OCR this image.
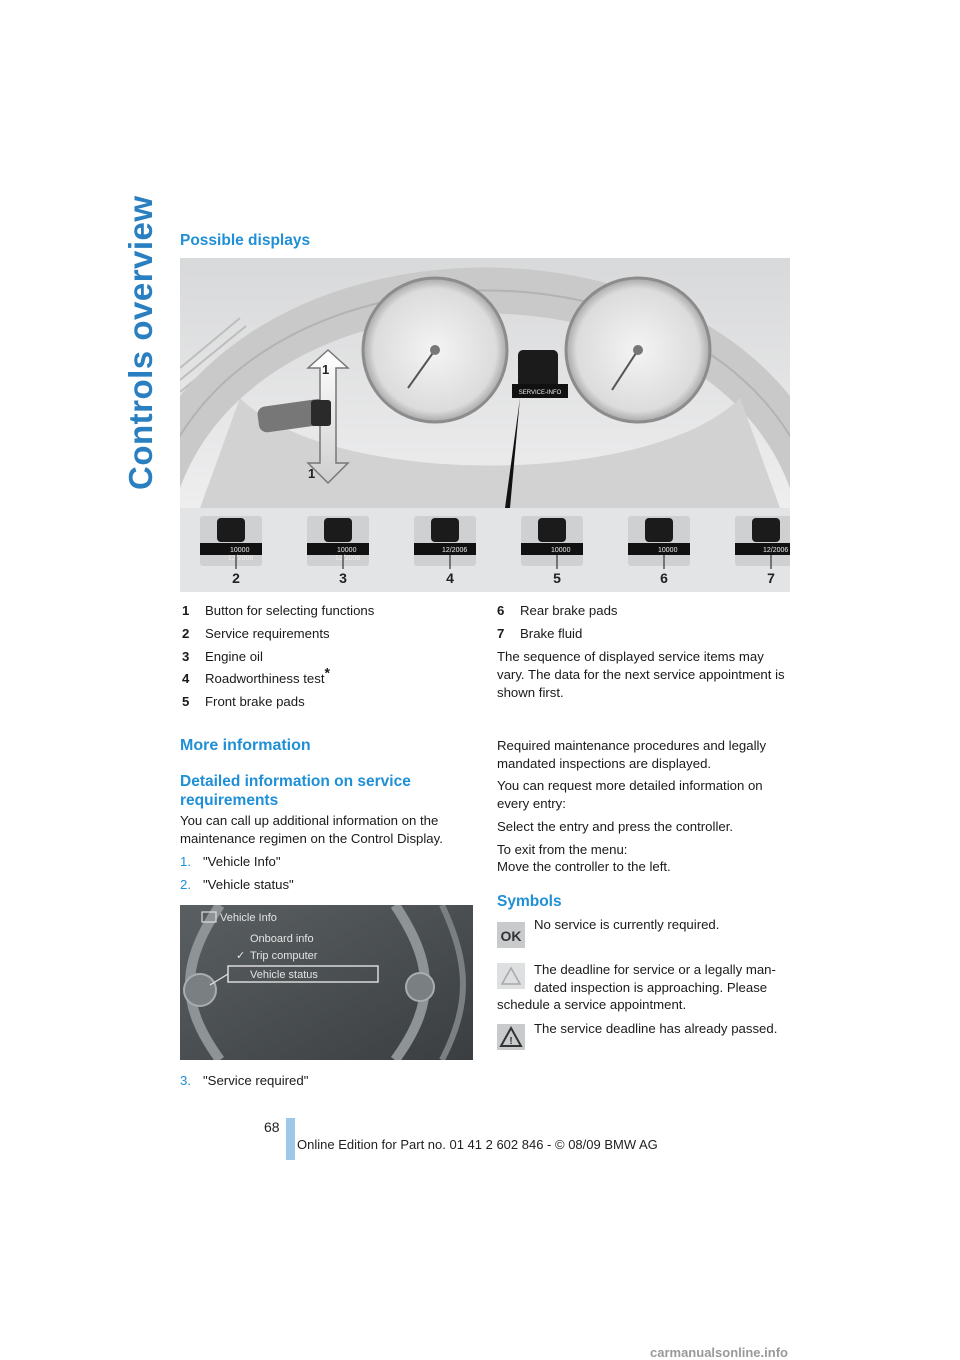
Controls overview Possible displays
SERVICE-INFO
1
1
10000
12/2006
2
10000
12/2006
3
12/2006
4
10000
5
10000
6
12/2006
7
1 Button for selecting functions
2 Service requirements
3 Engine oil
4 Roadworthiness test*
5 Front brake pads
6 Rear brake pads
7 Brake fluid
The sequence of displayed service items may vary. The data for the next service appointment is shown first.
More information
Detailed information on service requirements
You can call up additional information on the maintenance regimen on the Control Display.
1. "Vehicle Info"
2. "Vehicle status"
Vehicle Info
Onboard info
✓ Trip computer
Vehicle status
3. "Service required"
Required maintenance procedures and legally mandated inspections are displayed.
You can request more detailed information on every entry:
Select the entry and press the controller.
To exit from the menu:
Move the controller to the left.
Symbols
OK
No service is currently required.
The deadline for service or a legally man-
dated inspection is approaching. Please
schedule a service appointment.
!
The service deadline has already passed.
68
Online Edition for Part no. 01 41 2 602 846 - © 08/09 BMW AG
carmanualsonline.info
